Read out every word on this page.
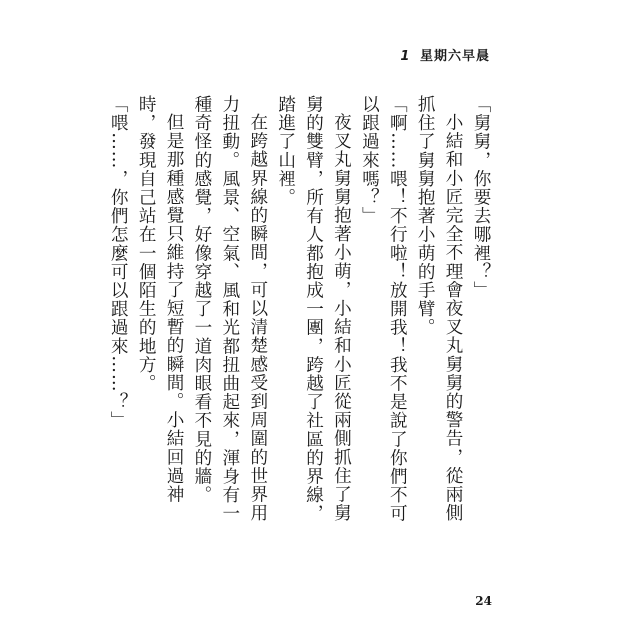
1 星期六早晨

「舅舅，你要去哪裡？」

小結和小匠完全不理會夜叉丸舅舅的警告，從兩側抓住了舅舅抱著小萌的手臂。

「啊……喂！不行啦！放開我！我不是說了你們不可以跟過來嗎？」

夜叉丸舅舅抱著小萌，小結和小匠從兩側抓住了舅舅的雙臂，所有人都抱成一團，跨越了社區的界線，踏進了山裡。

在跨越界線的瞬間，可以清楚感受到周圍的世界用力扭動。風景、空氣、風和光都扭曲起來，渾身有一種奇怪的感覺，好像穿越了一道肉眼看不見的牆。

但是那種感覺只維持了短暫的瞬間。小結回過神時，發現自己站在一個陌生的地方。

「喂……，你們怎麼可以跟過來……？」

24
